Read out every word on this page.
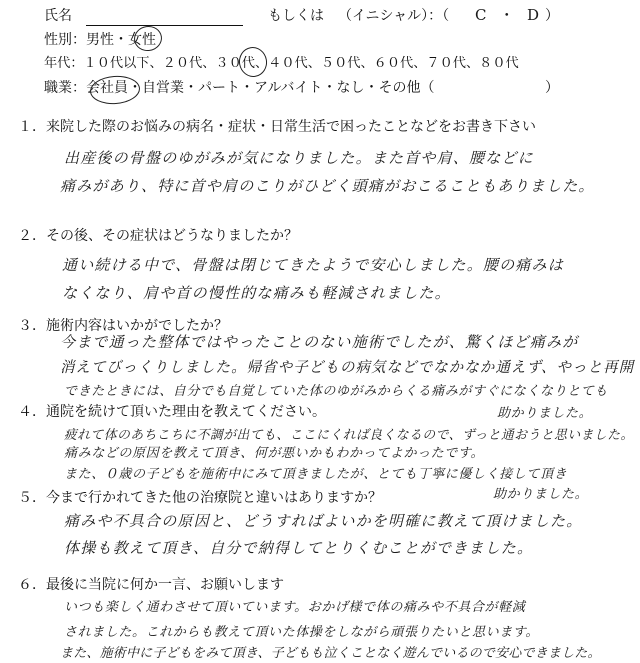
氏名	もしくは （イニシャル）：（ C ・ D ）
性別：男性・女性
年代：１０代以下、２０代、３０代、４０代、５０代、６０代、７０代、８０代
職業：会社員・自営業・パート・アルバイト・なし・その他（	）
１．来院した際のお悩みの病名・症状・日常生活で困ったことなどをお書き下さい
出産後の骨盤のゆがみが気になりました。また首や肩、腰などに
痛みがあり、特に首や肩のこりがひどく頭痛がおこることもありました。
２．その後、その症状はどうなりましたか？
通い続ける中で、骨盤は閉じてきたようで安心しました。腰の痛みは
なくなり、肩や首の慢性的な痛みも軽減されました。
３．施術内容はいかがでしたか？
今まで通った整体ではやったことのない施術でしたが、驚くほど痛みが
消えてびっくりしました。帰省や子どもの病気などでなかなか通えず、やっと再開
できたときには、自分でも自覚していた体のゆがみからくる痛みがすぐになくなりとても
助かりました。
４．通院を続けて頂いた理由を教えてください。
疲れて体のあちこちに不調が出ても、ここにくれば良くなるので、ずっと通おうと思いました。
痛みなどの原因を教えて頂き、何が悪いかもわかってよかったです。
また、０歳の子どもを施術中にみて頂きましたが、とても丁寧に優しく接して頂き
助かりました。
５．今まで行かれてきた他の治療院と違いはありますか？
痛みや不具合の原因と、どうすればよいかを明確に教えて頂けました。
体操も教えて頂き、自分で納得してとりくむことができました。
６．最後に当院に何か一言、お願いします
いつも楽しく通わさせて頂いています。おかげ様で体の痛みや不具合が軽減
されました。これからも教えて頂いた体操をしながら頑張りたいと思います。
また、施術中に子どもをみて頂き、子どもも泣くことなく遊んでいるので安心できました。
